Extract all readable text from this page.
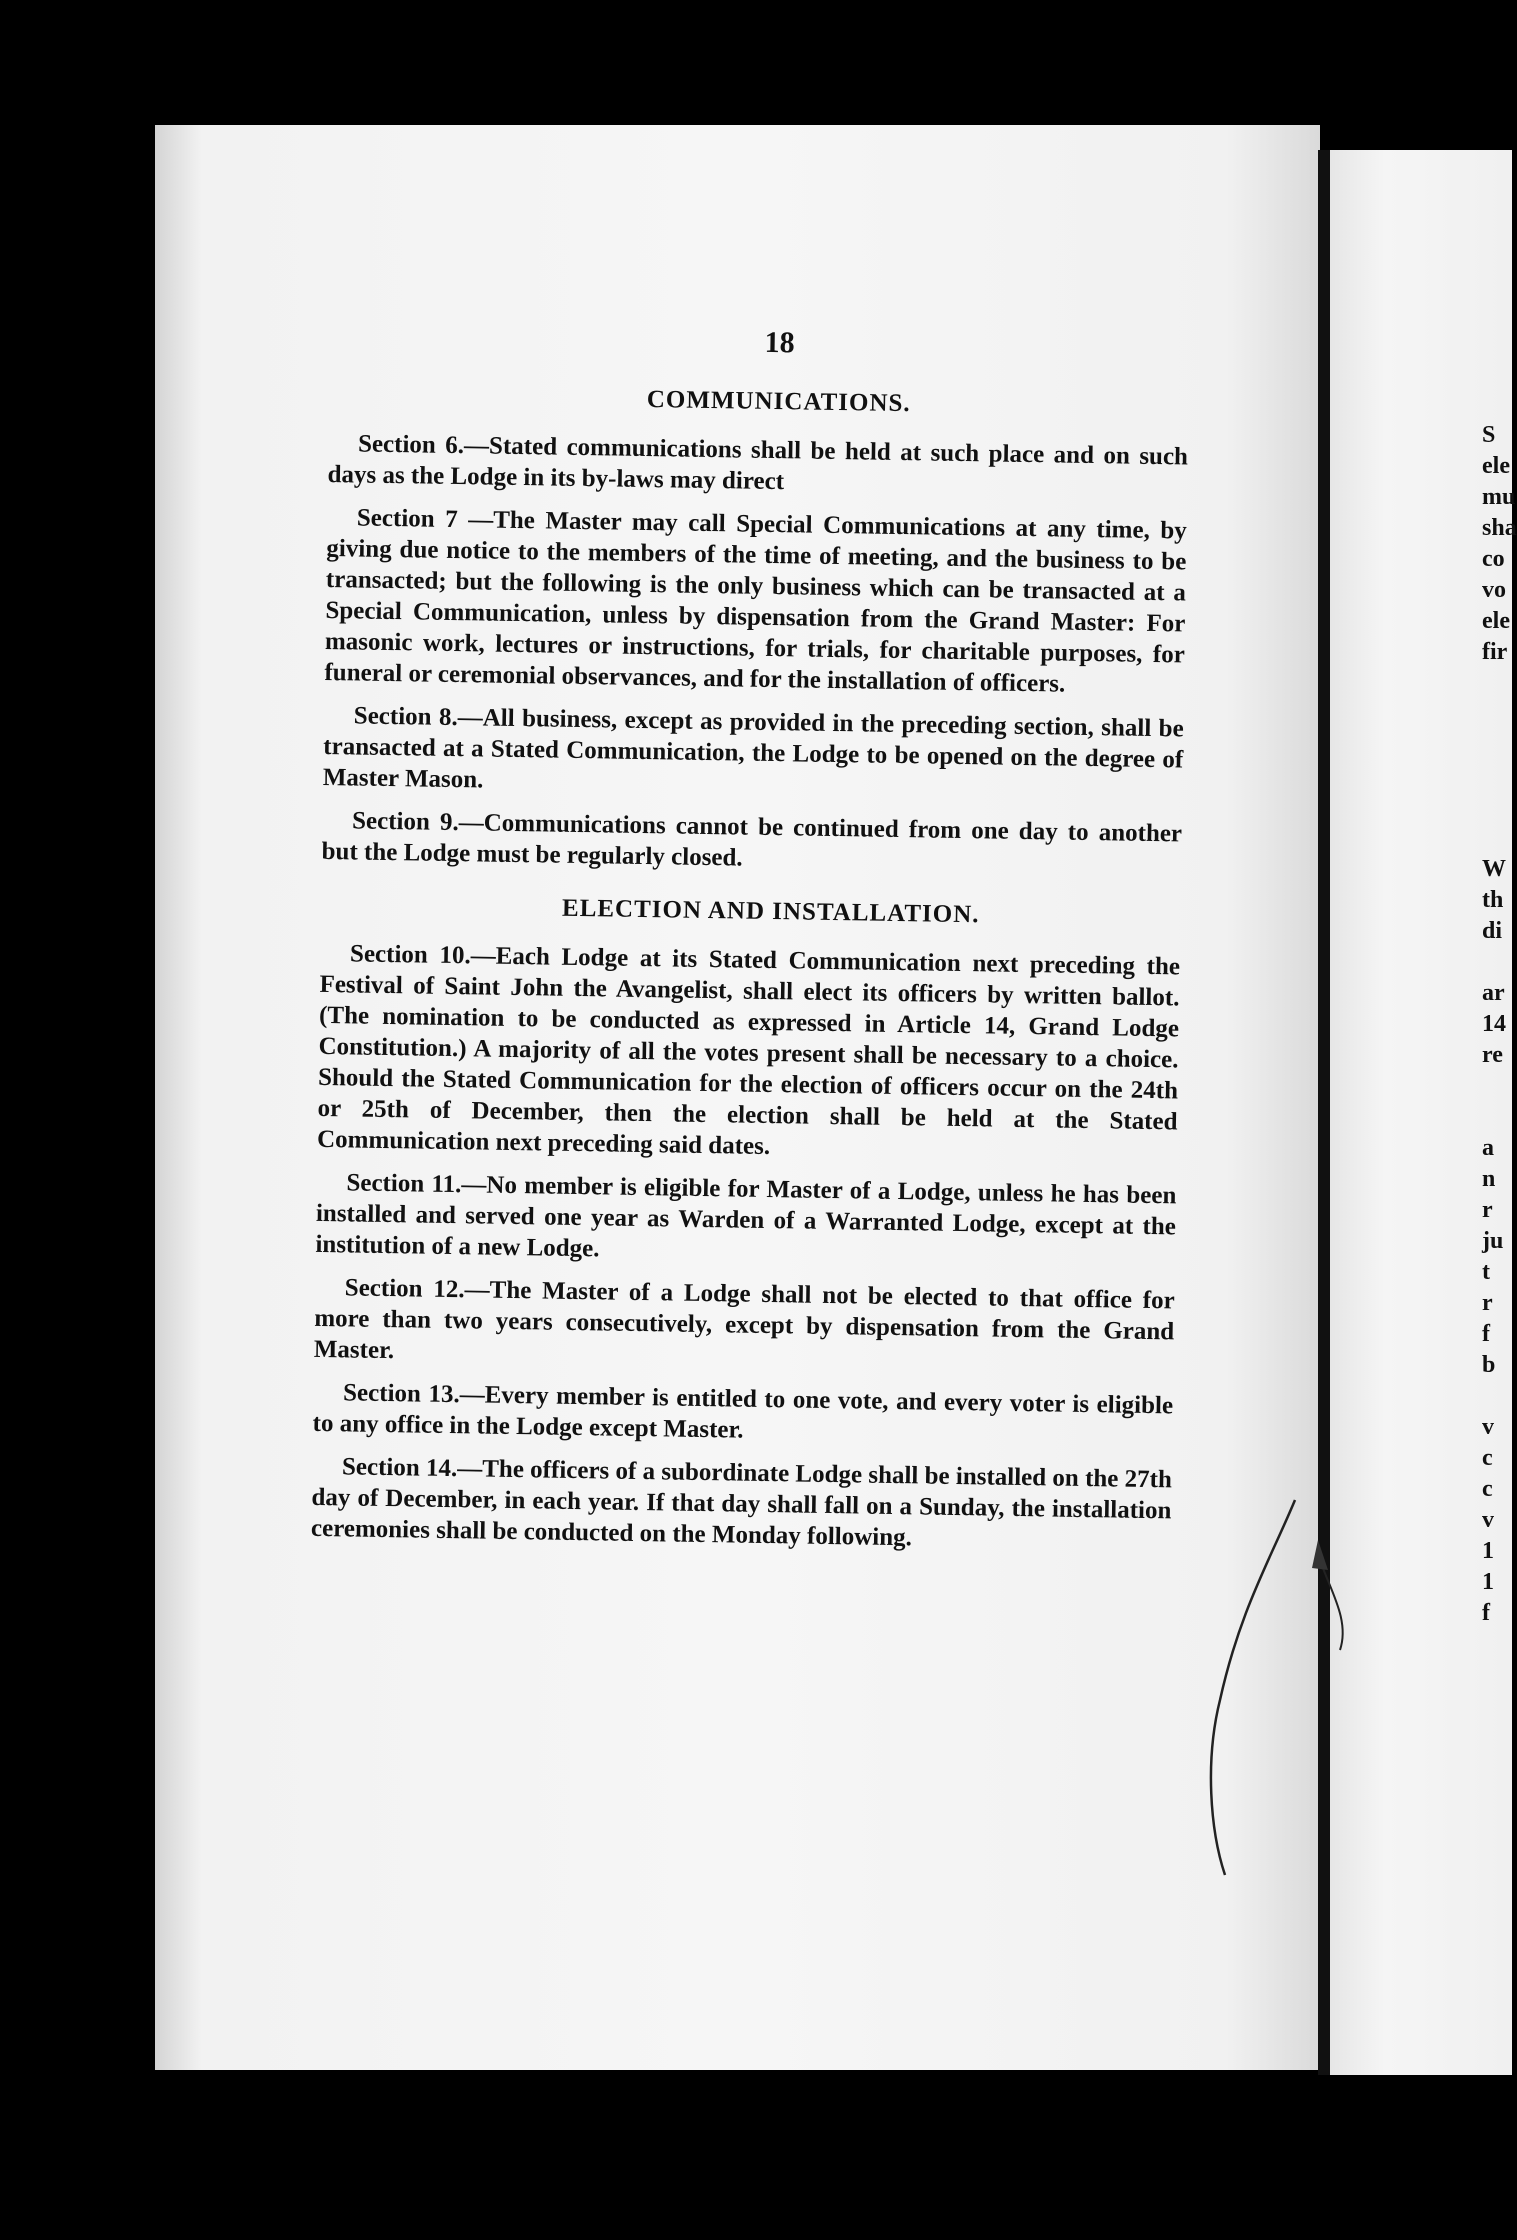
18
COMMUNICATIONS.

Section 6.—Stated communications shall be held at such place and on such days as the Lodge in its by-laws may direct

Section 7 —The Master may call Special Communications at any time, by giving due notice to the members of the time of meeting, and the business to be transacted; but the following is the only business which can be transacted at a Special Communication, unless by dispensation from the Grand Master: For masonic work, lectures or instructions, for trials, for charitable purposes, for funeral or ceremonial observances, and for the installation of officers.

Section 8.—All business, except as provided in the preceding section, shall be transacted at a Stated Communication, the Lodge to be opened on the degree of Master Mason.

Section 9.—Communications cannot be continued from one day to another but the Lodge must be regularly closed.

ELECTION AND INSTALLATION.

Section 10.—Each Lodge at its Stated Communication next preceding the Festival of Saint John the Avangelist, shall elect its officers by written ballot. (The nomination to be conducted as expressed in Article 14, Grand Lodge Constitution.) A majority of all the votes present shall be necessary to a choice. Should the Stated Communication for the election of officers occur on the 24th or 25th of December, then the election shall be held at the Stated Communication next preceding said dates.

Section 11.—No member is eligible for Master of a Lodge, unless he has been installed and served one year as Warden of a Warranted Lodge, except at the institution of a new Lodge.

Section 12.—The Master of a Lodge shall not be elected to that office for more than two years consecutively, except by dispensation from the Grand Master.

Section 13.—Every member is entitled to one vote, and every voter is eligible to any office in the Lodge except Master.

Section 14.—The officers of a subordinate Lodge shall be installed on the 27th day of December, in each year. If that day shall fall on a Sunday, the installation ceremonies shall be conducted on the Monday following.

S
ele
mu
sha
co
vo
ele
fir
W
th
di
ar
14
re
a
n
r
ju
t
r
f
b
v
c
c
v
1
1
f
